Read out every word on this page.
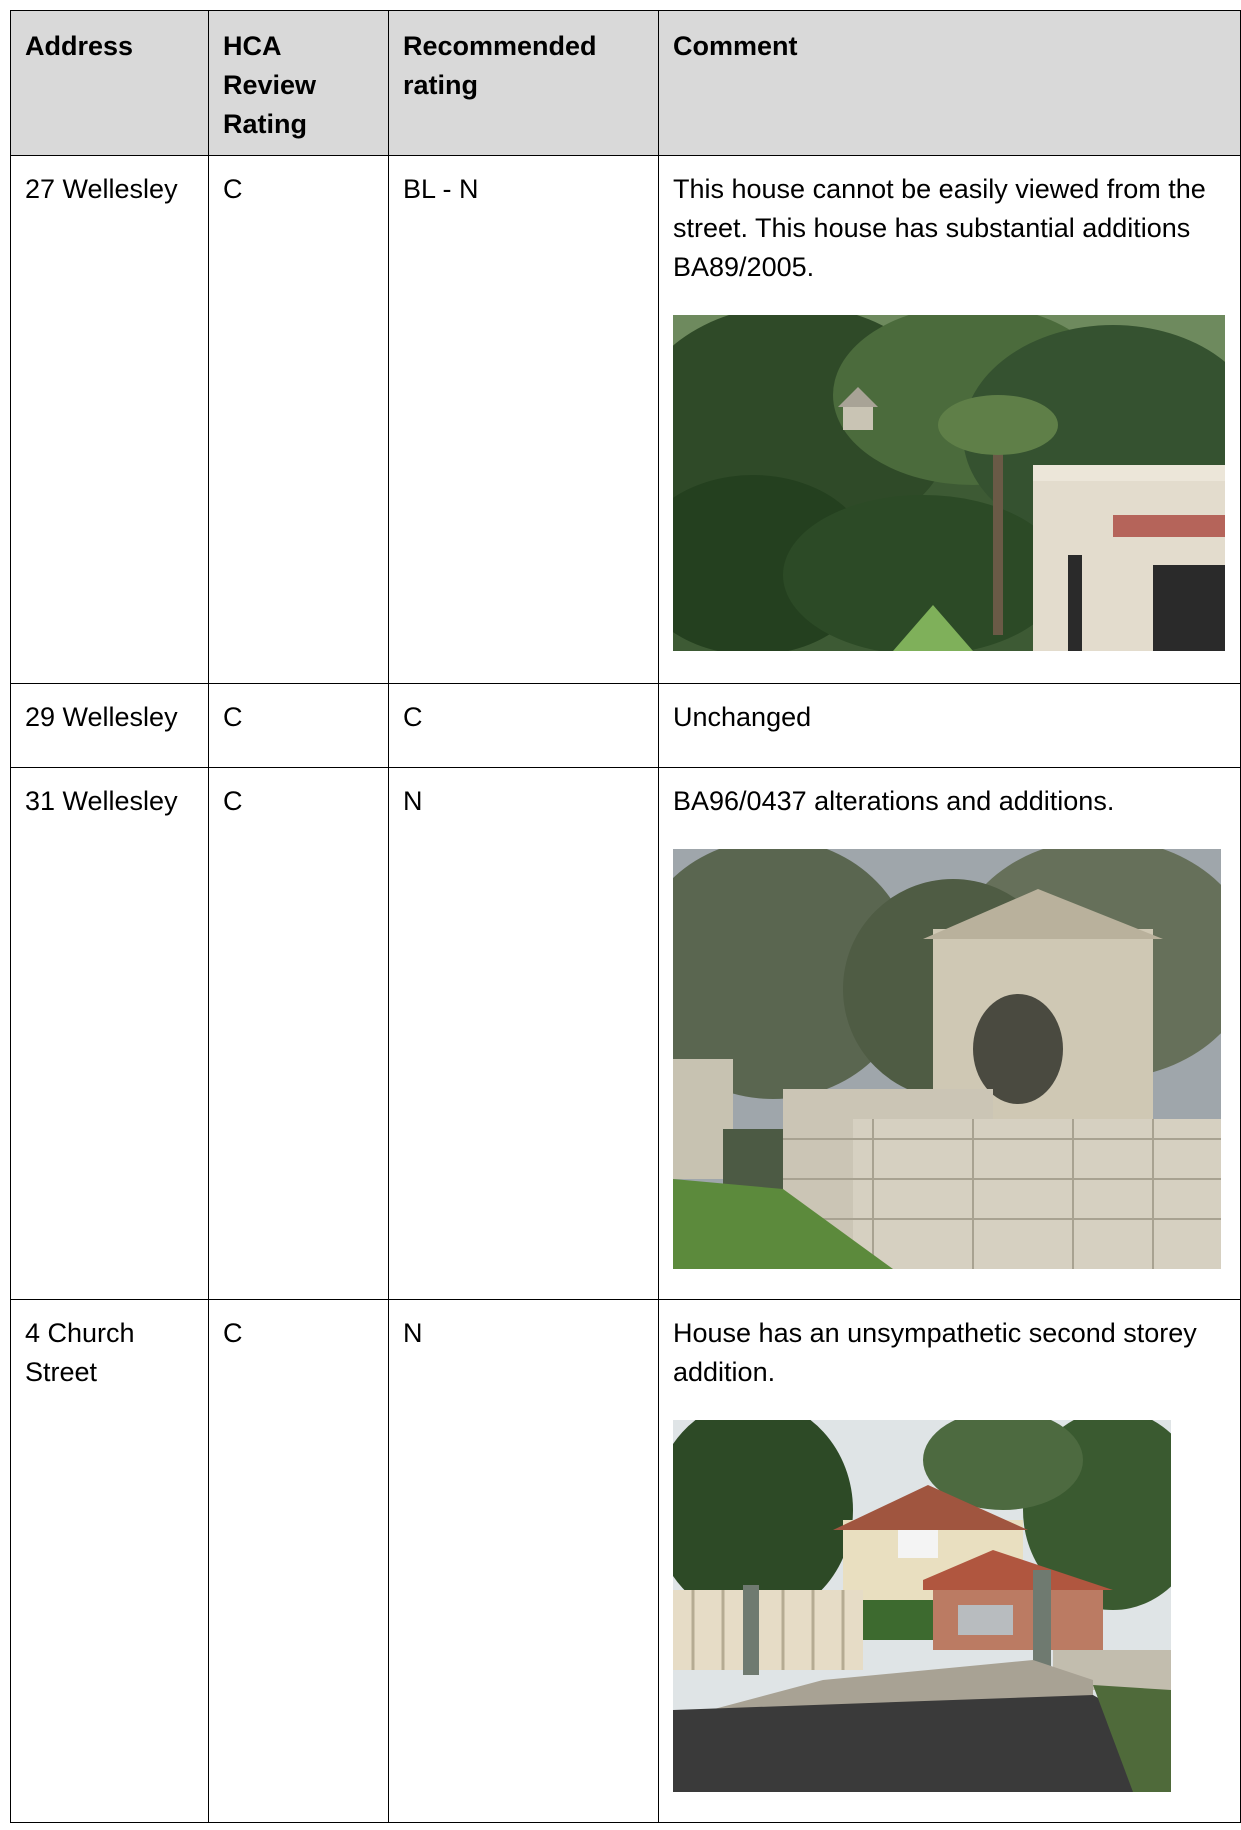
Address	HCA Review Rating	Recommended rating	Comment
27 Wellesley	C	BL - N	This house cannot be easily viewed from the street. This house has substantial additions BA89/2005.

29 Wellesley	C	C	Unchanged

31 Wellesley	C	N	BA96/0437 alterations and additions.

4 Church Street	C	N	House has an unsympathetic second storey addition.
